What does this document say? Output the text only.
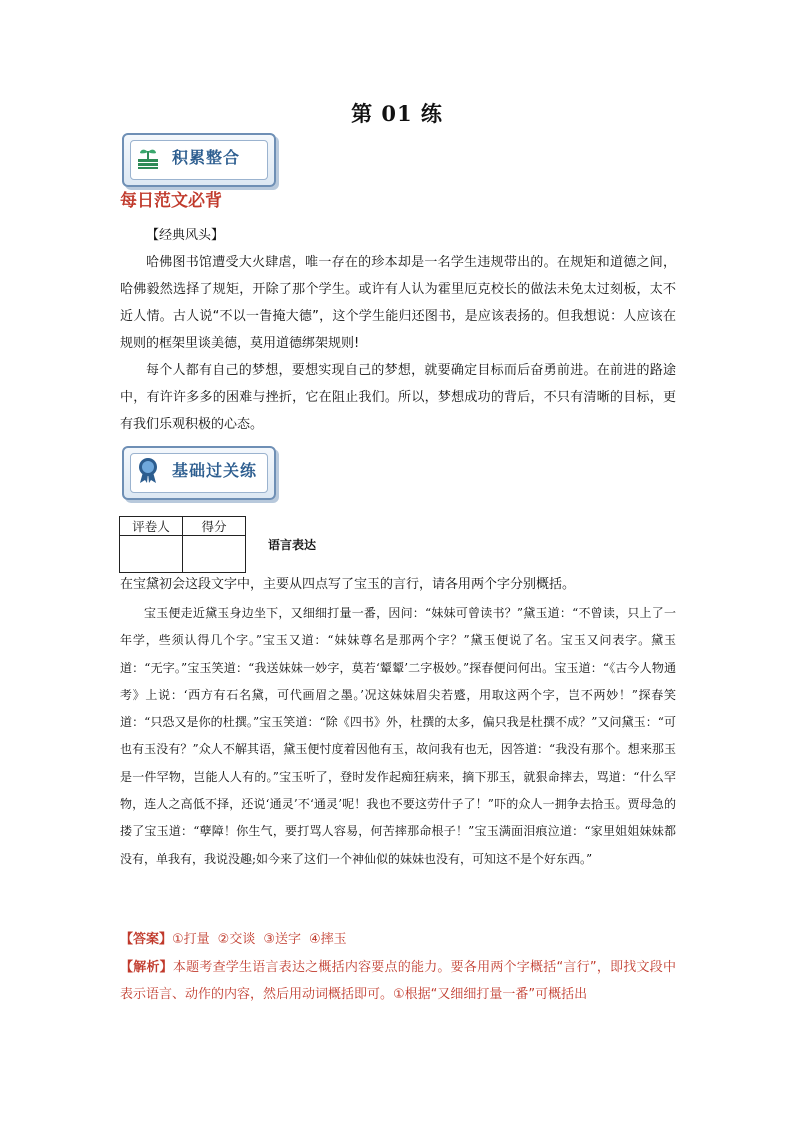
第 01 练
积累整合
每日范文必背
【经典风头】
哈佛图书馆遭受大火肆虐，唯一存在的珍本却是一名学生违规带出的。在规矩和道德之间，哈佛毅然选择了规矩，开除了那个学生。或许有人认为霍里厄克校长的做法未免太过刻板，太不近人情。古人说“不以一眚掩大德”，这个学生能归还图书，是应该表扬的。但我想说：人应该在规则的框架里谈美德，莫用道德绑架规则!
每个人都有自己的梦想，要想实现自己的梦想，就要确定目标而后奋勇前进。在前进的路途中，有许许多多的困难与挫折，它在阻止我们。所以，梦想成功的背后，不只有清晰的目标，更有我们乐观积极的心态。
基础过关练
评卷人	得分

语言表达
在宝黛初会这段文字中，主要从四点写了宝玉的言行，请各用两个字分别概括。
宝玉便走近黛玉身边坐下，又细细打量一番，因问：“妹妹可曾读书？”黛玉道：“不曾读，只上了一年学，些须认得几个字。”宝玉又道：“妹妹尊名是那两个字？”黛玉便说了名。宝玉又问表字。黛玉道：“无字。”宝玉笑道：“我送妹妹一妙字，莫若‘颦颦’二字极妙。”探春便问何出。宝玉道：“《古今人物通考》上说：‘西方有石名黛，可代画眉之墨。’况这妹妹眉尖若蹙，用取这两个字，岂不两妙！”探春笑道：“只恐又是你的杜撰。”宝玉笑道：“除《四书》外，杜撰的太多，偏只我是杜撰不成？”又问黛玉：“可也有玉没有？”众人不解其语，黛玉便忖度着因他有玉，故问我有也无，因答道：“我没有那个。想来那玉是一件罕物，岂能人人有的。”宝玉听了，登时发作起痴狂病来，摘下那玉，就狠命摔去，骂道：“什么罕物，连人之高低不择，还说‘通灵’不‘通灵’呢！我也不要这劳什子了！”吓的众人一拥争去拾玉。贾母急的搂了宝玉道：“孽障！你生气，要打骂人容易，何苦摔那命根子！”宝玉满面泪痕泣道：“家里姐姐妹妹都没有，单我有，我说没趣;如今来了这们一个神仙似的妹妹也没有，可知这不是个好东西。”
【答案】①打量 ②交谈 ③送字 ④摔玉
【解析】本题考查学生语言表达之概括内容要点的能力。要各用两个字概括“言行”，即找文段中表示语言、动作的内容，然后用动词概括即可。①根据“又细细打量一番”可概括出
